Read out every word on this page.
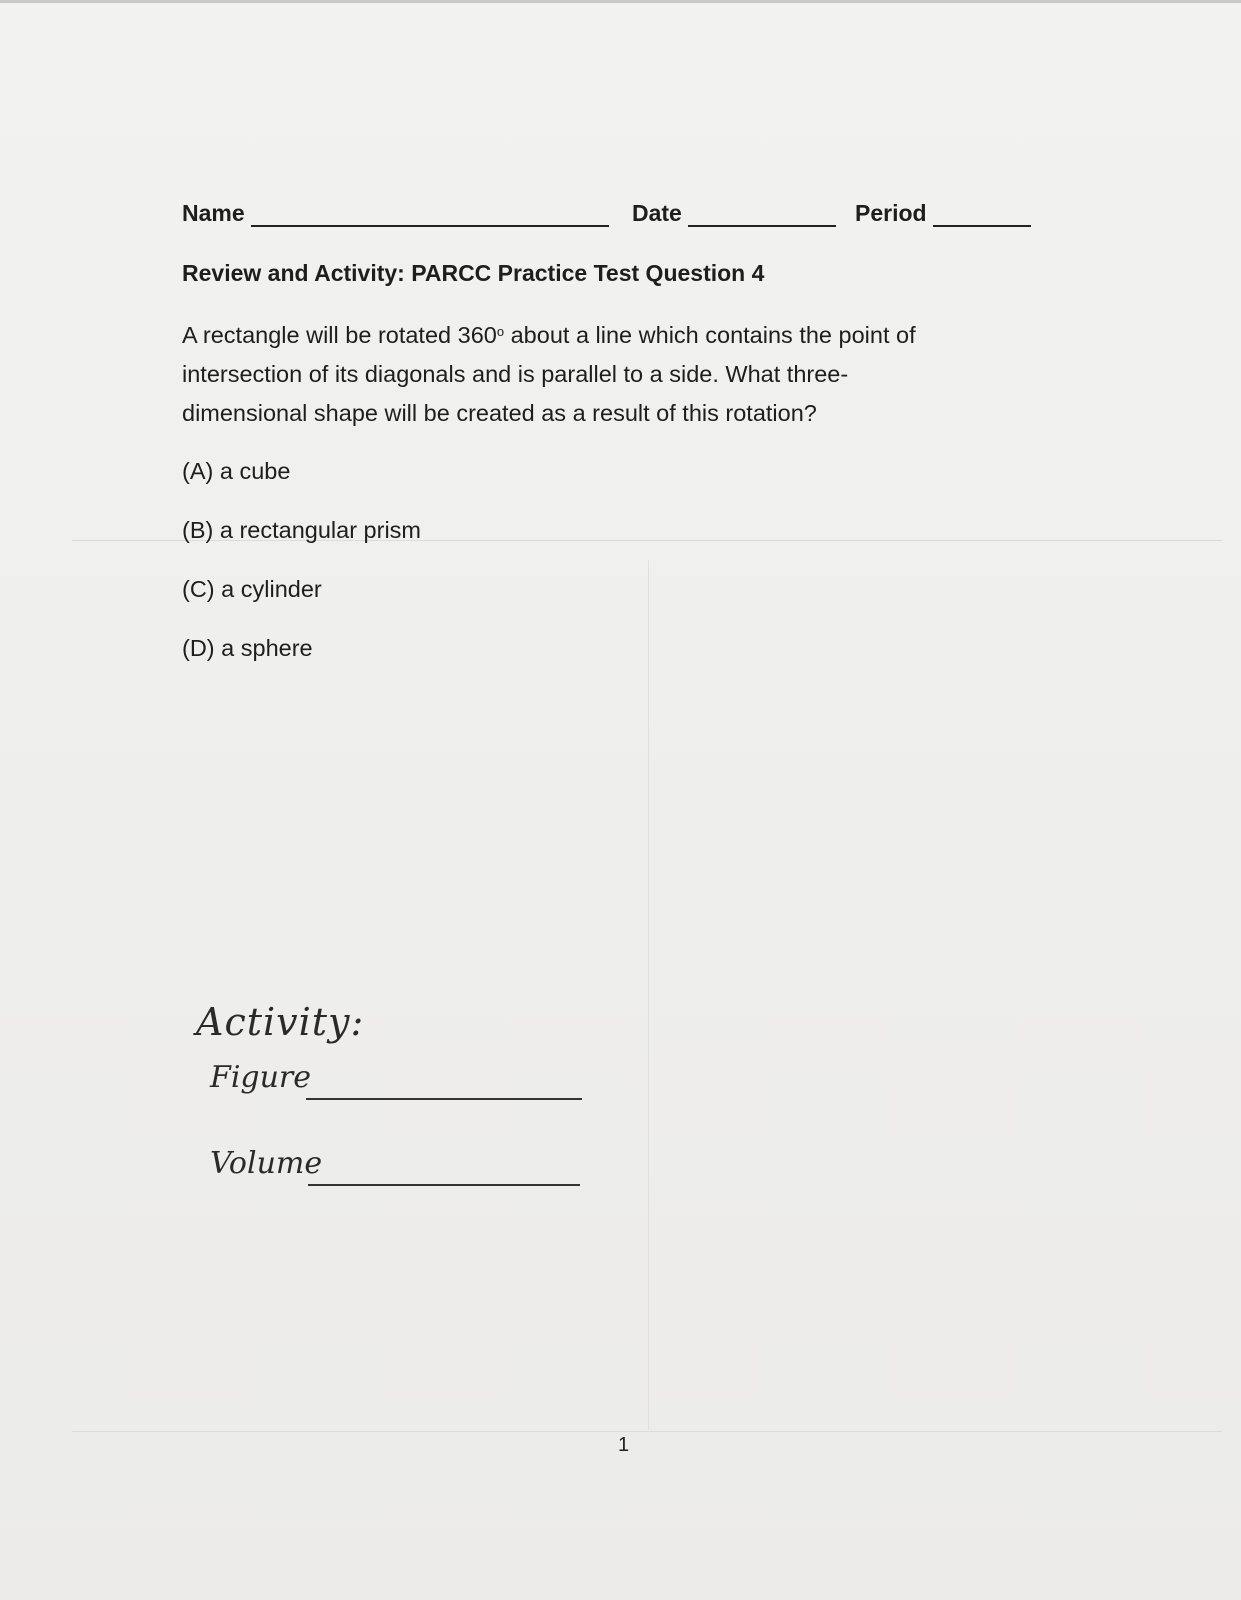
Name	Date	Period
Review and Activity: PARCC Practice Test Question 4
A rectangle will be rotated 360$^o$ about a line which contains the point of
intersection of its diagonals and is parallel to a side. What three-
dimensional shape will be created as a result of this rotation?
(A) a cube
(B) a rectangular prism
(C) a cylinder
(D) a sphere
Activity:
Figure
Volume
1
